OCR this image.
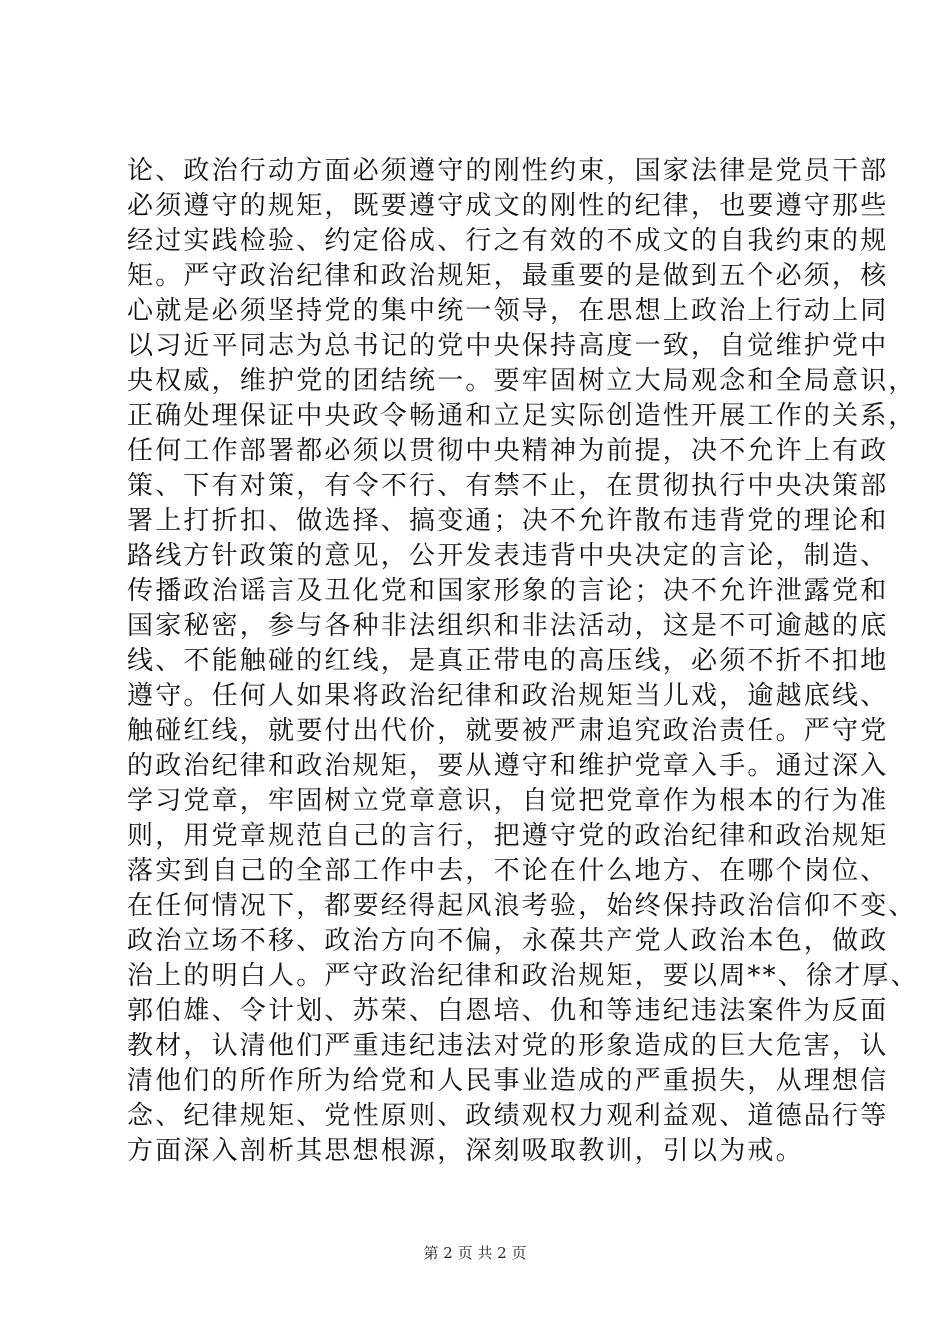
论、政治行动方面必须遵守的刚性约束，国家法律是党员干部
必须遵守的规矩，既要遵守成文的刚性的纪律，也要遵守那些
经过实践检验、约定俗成、行之有效的不成文的自我约束的规
矩。严守政治纪律和政治规矩，最重要的是做到五个必须，核
心就是必须坚持党的集中统一领导，在思想上政治上行动上同
以习近平同志为总书记的党中央保持高度一致，自觉维护党中
央权威，维护党的团结统一。要牢固树立大局观念和全局意识，
正确处理保证中央政令畅通和立足实际创造性开展工作的关系，
任何工作部署都必须以贯彻中央精神为前提，决不允许上有政
策、下有对策，有令不行、有禁不止，在贯彻执行中央决策部
署上打折扣、做选择、搞变通；决不允许散布违背党的理论和
路线方针政策的意见，公开发表违背中央决定的言论，制造、
传播政治谣言及丑化党和国家形象的言论；决不允许泄露党和
国家秘密，参与各种非法组织和非法活动，这是不可逾越的底
线、不能触碰的红线，是真正带电的高压线，必须不折不扣地
遵守。任何人如果将政治纪律和政治规矩当儿戏，逾越底线、
触碰红线，就要付出代价，就要被严肃追究政治责任。严守党
的政治纪律和政治规矩，要从遵守和维护党章入手。通过深入
学习党章，牢固树立党章意识，自觉把党章作为根本的行为准
则，用党章规范自己的言行，把遵守党的政治纪律和政治规矩
落实到自己的全部工作中去，不论在什么地方、在哪个岗位、
在任何情况下，都要经得起风浪考验，始终保持政治信仰不变、
政治立场不移、政治方向不偏，永葆共产党人政治本色，做政
治上的明白人。严守政治纪律和政治规矩，要以周**、徐才厚、
郭伯雄、令计划、苏荣、白恩培、仇和等违纪违法案件为反面
教材，认清他们严重违纪违法对党的形象造成的巨大危害，认
清他们的所作所为给党和人民事业造成的严重损失，从理想信
念、纪律规矩、党性原则、政绩观权力观利益观、道德品行等
方面深入剖析其思想根源，深刻吸取教训，引以为戒。
第 2 页 共 2 页
